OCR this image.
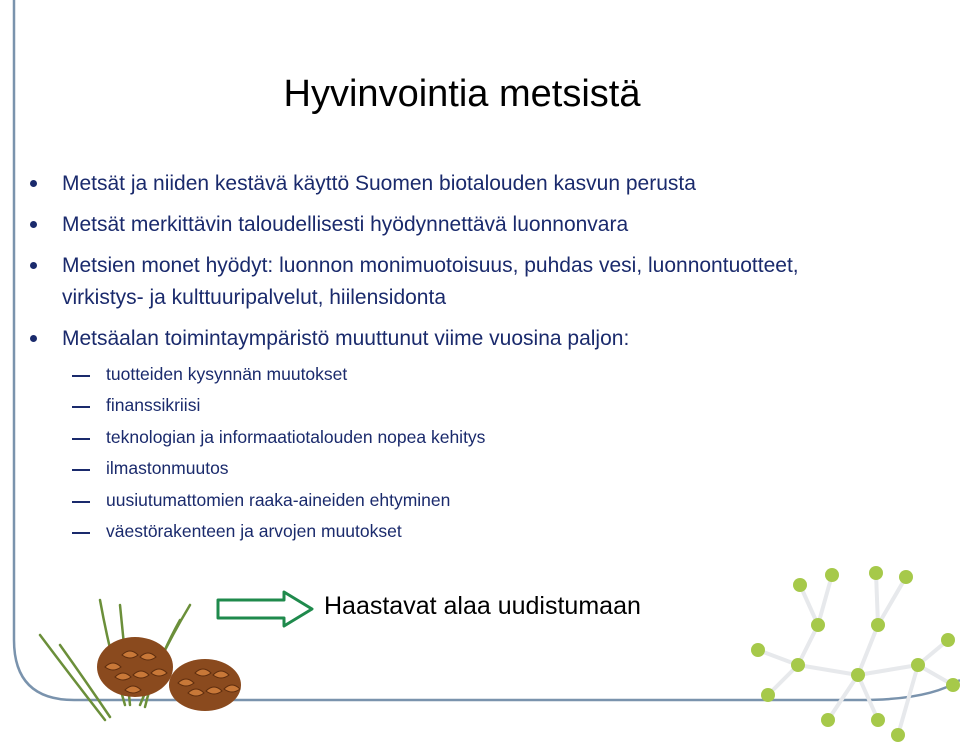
Hyvinvointia metsistä
Metsät ja niiden kestävä käyttö Suomen biotalouden kasvun perusta
Metsät merkittävin taloudellisesti hyödynnettävä luonnonvara
Metsien monet hyödyt: luonnon monimuotoisuus, puhdas vesi, luonnontuotteet, virkistys- ja kulttuuripalvelut, hiilensidonta
Metsäalan toimintaympäristö muuttunut viime vuosina paljon:
tuotteiden kysynnän muutokset
finanssikriisi
teknologian ja informaatiotalouden nopea kehitys
ilmastonmuutos
uusiutumattomien raaka-aineiden ehtyminen
väestörakenteen ja arvojen muutokset
Haastavat alaa uudistumaan
